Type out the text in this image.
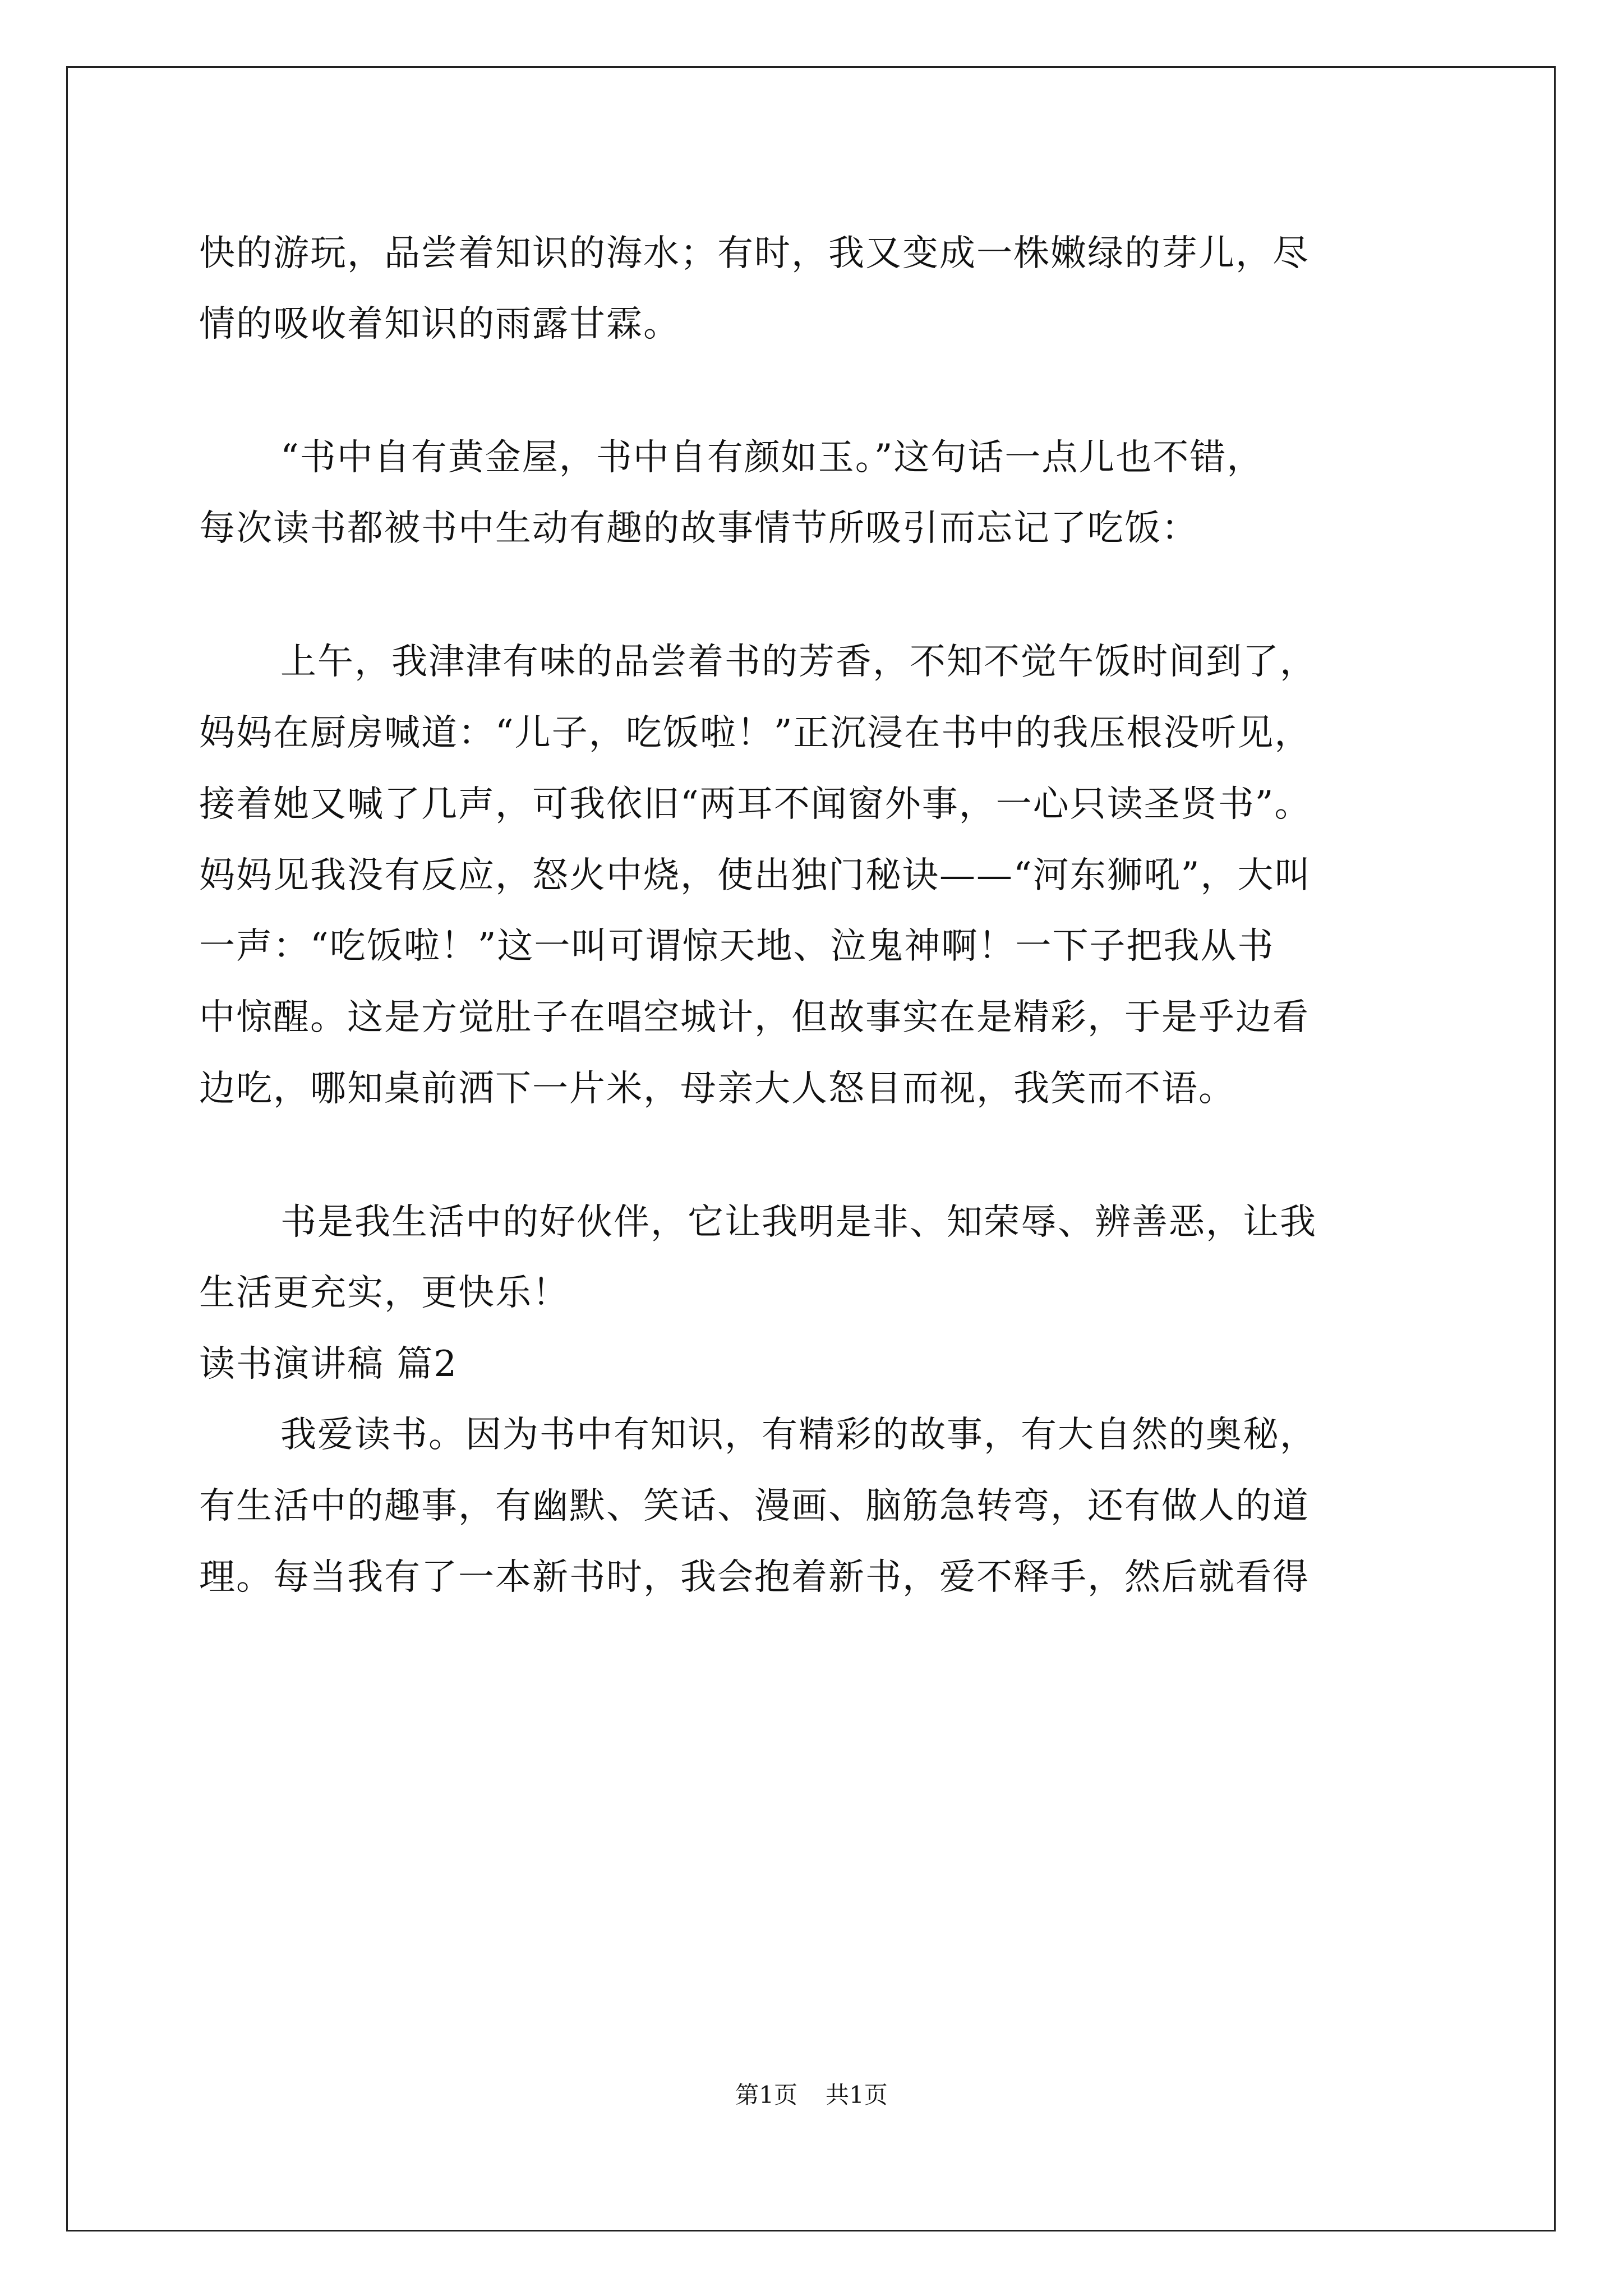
快的游玩，品尝着知识的海水；有时，我又变成一株嫩绿的芽儿，尽
情的吸收着知识的雨露甘霖。
“书中自有黄金屋，书中自有颜如玉。”这句话一点儿也不错，
每次读书都被书中生动有趣的故事情节所吸引而忘记了吃饭：
上午，我津津有味的品尝着书的芳香，不知不觉午饭时间到了，
妈妈在厨房喊道：“儿子，吃饭啦！”正沉浸在书中的我压根没听见，
接着她又喊了几声，可我依旧“两耳不闻窗外事，一心只读圣贤书”。
妈妈见我没有反应，怒火中烧，使出独门秘诀——“河东狮吼”，大叫
一声：“吃饭啦！”这一叫可谓惊天地、泣鬼神啊！一下子把我从书
中惊醒。这是方觉肚子在唱空城计，但故事实在是精彩，于是乎边看
边吃，哪知桌前洒下一片米，母亲大人怒目而视，我笑而不语。
书是我生活中的好伙伴，它让我明是非、知荣辱、辨善恶，让我
生活更充实，更快乐！
读书演讲稿 篇2
我爱读书。因为书中有知识，有精彩的故事，有大自然的奥秘，
有生活中的趣事，有幽默、笑话、漫画、脑筋急转弯，还有做人的道
理。每当我有了一本新书时，我会抱着新书，爱不释手，然后就看得
第1页 共1页
